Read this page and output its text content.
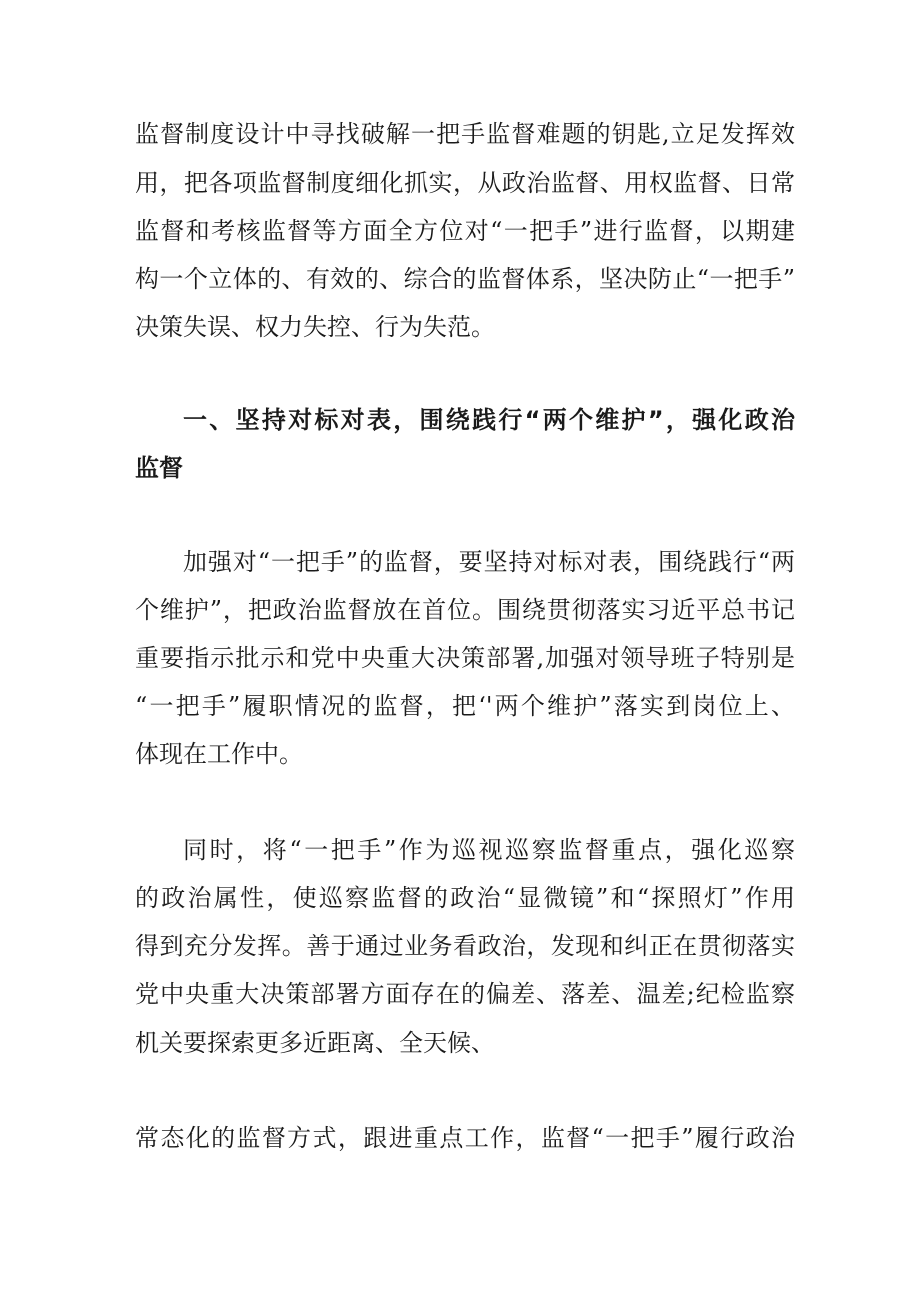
监督制度设计中寻找破解一把手监督难题的钥匙,立足发挥效
用，把各项监督制度细化抓实，从政治监督、用权监督、日常
监督和考核监督等方面全方位对“一把手”进行监督，以期建
构一个立体的、有效的、综合的监督体系，坚决防止“一把手”
决策失误、权力失控、行为失范。
一、坚持对标对表，围绕践行“两个维护”，强化政治
监督
加强对“一把手”的监督，要坚持对标对表，围绕践行“两
个维护”，把政治监督放在首位。围绕贯彻落实习近平总书记
重要指示批示和党中央重大决策部署,加强对领导班子特别是
“一把手”履职情况的监督，把‘'两个维护”落实到岗位上、
体现在工作中。
同时，将“一把手”作为巡视巡察监督重点，强化巡察
的政治属性，使巡察监督的政治“显微镜”和“探照灯”作用
得到充分发挥。善于通过业务看政治，发现和纠正在贯彻落实
党中央重大决策部署方面存在的偏差、落差、温差;纪检监察
机关要探索更多近距离、全天候、
常态化的监督方式，跟进重点工作，监督“一把手”履行政治
